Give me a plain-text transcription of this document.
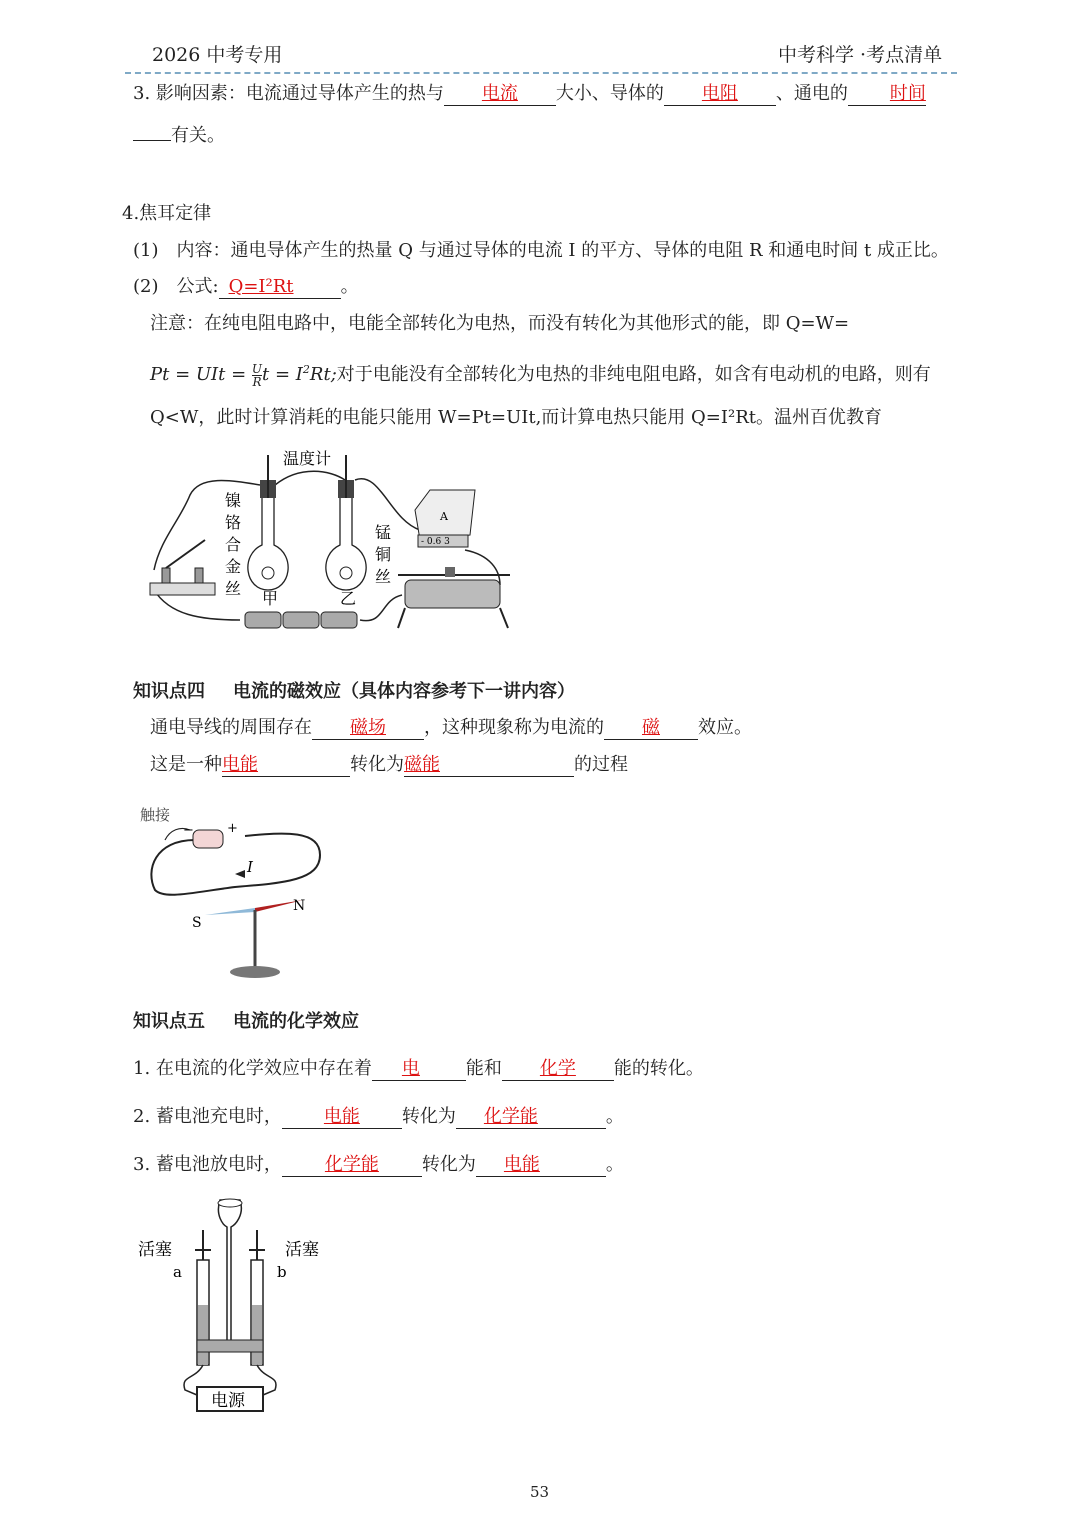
2026 中考专用	中考科学 ·考点清单
3. 影响因素：电流通过导体产生的热与 电流 大小、导体的 电阻 、通电的 时间
有关。
4.焦耳定律
(1)　内容：通电导体产生的热量 Q 与通过导体的电流 I 的平方、导体的电阻 R 和通电时间 t 成正比。
(2)　公式: Q=I²Rt	。
注意：在纯电阻电路中，电能全部转化为电热，而没有转化为其他形式的能，即 Q=W=
Pt = UIt = $\frac{U}{R}$ $t = I^2Rt$;对于电能没有全部转化为电热的非纯电阻电路，如含有电动机的电路，则有
Q<W，此时计算消耗的电能只能用 W=Pt=UIt,而计算电热只能用 Q=I²Rt。温州百优教育
温度计
镍
铬
合
金
丝
锰
铜
丝
甲	乙
A
- 0.6 3
知识点四 电流的磁效应（具体内容参考下一讲内容）
通电导线的周围存在 磁场 ，这种现象称为电流的 磁 效应。
这是一种电能	转化为磁能	的过程
触接
−	+
I
S
N
知识点五 电流的化学效应
1. 在电流的化学效应中存在着 电	能和 化学 能的转化。
2. 蓄电池充电时， 电能 转化为 化学能	。
3. 蓄电池放电时， 化学能 转化为 电能	。
活塞	活塞
a	b
电源
53
